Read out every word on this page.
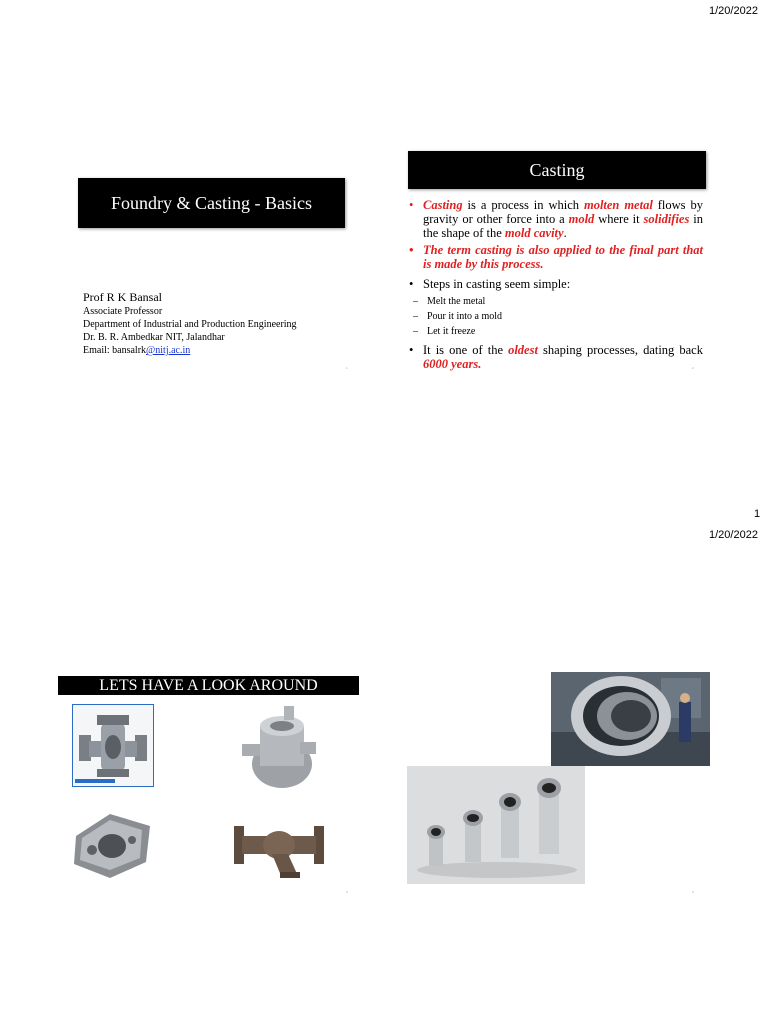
1/20/2022
Foundry & Casting - Basics
Prof R K Bansal
Associate Professor
Department of Industrial and Production Engineering
Dr. B. R. Ambedkar NIT, Jalandhar
Email: bansalrk@nitj.ac.in
1
Casting
• Casting is a process in which molten metal flows by gravity or other force into a mold where it solidifies in the shape of the mold cavity.
• The term casting is also applied to the final part that is made by this process.
• Steps in casting seem simple:
– Melt the metal
– Pour it into a mold
– Let it freeze
• It is one of the oldest shaping processes, dating back 6000 years.	2
1
1/20/2022
LETS HAVE A LOOK AROUND
3	4
